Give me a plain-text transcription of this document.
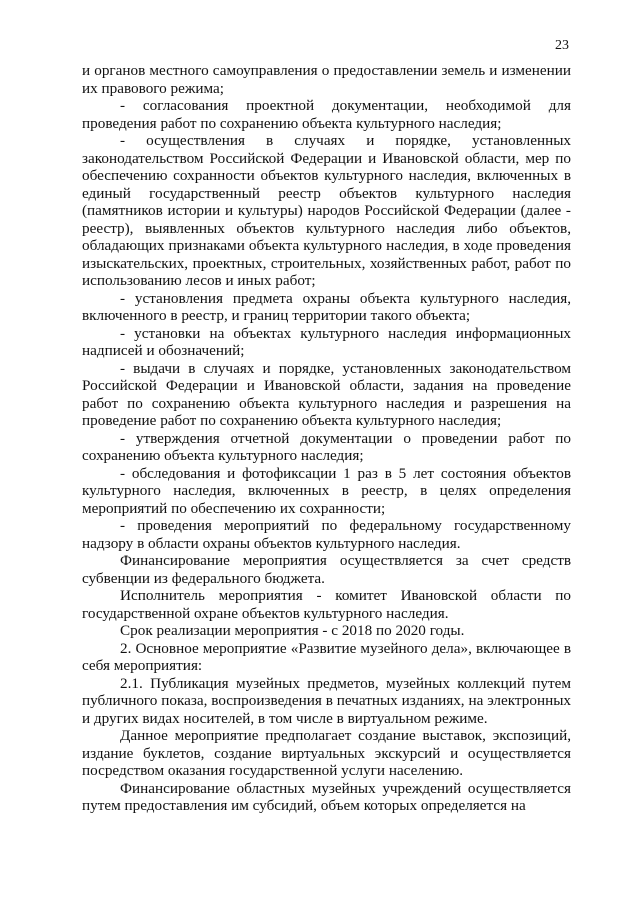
23

и органов местного самоуправления о предоставлении земель и изменении их правового режима;

- согласования проектной документации, необходимой для проведения работ по сохранению объекта культурного наследия;

- осуществления в случаях и порядке, установленных законодательством Российской Федерации и Ивановской области, мер по обеспечению сохранности объектов культурного наследия, включенных в единый государственный реестр объектов культурного наследия (памятников истории и культуры) народов Российской Федерации (далее - реестр), выявленных объектов культурного наследия либо объектов, обладающих признаками объекта культурного наследия, в ходе проведения изыскательских, проектных, строительных, хозяйственных работ, работ по использованию лесов и иных работ;

- установления предмета охраны объекта культурного наследия, включенного в реестр, и границ территории такого объекта;

- установки на объектах культурного наследия информационных надписей и обозначений;

- выдачи в случаях и порядке, установленных законодательством Российской Федерации и Ивановской области, задания на проведение работ по сохранению объекта культурного наследия и разрешения на проведение работ по сохранению объекта культурного наследия;

- утверждения отчетной документации о проведении работ по сохранению объекта культурного наследия;

- обследования и фотофиксации 1 раз в 5 лет состояния объектов культурного наследия, включенных в реестр, в целях определения мероприятий по обеспечению их сохранности;

- проведения мероприятий по федеральному государственному надзору в области охраны объектов культурного наследия.

Финансирование мероприятия осуществляется за счет средств субвенции из федерального бюджета.

Исполнитель мероприятия - комитет Ивановской области по государственной охране объектов культурного наследия.

Срок реализации мероприятия - с 2018 по 2020 годы.

2. Основное мероприятие «Развитие музейного дела», включающее в себя мероприятия:

2.1. Публикация музейных предметов, музейных коллекций путем публичного показа, воспроизведения в печатных изданиях, на электронных и других видах носителей, в том числе в виртуальном режиме.

Данное мероприятие предполагает создание выставок, экспозиций, издание буклетов, создание виртуальных экскурсий и осуществляется посредством оказания государственной услуги населению.

Финансирование областных музейных учреждений осуществляется путем предоставления им субсидий, объем которых определяется на
